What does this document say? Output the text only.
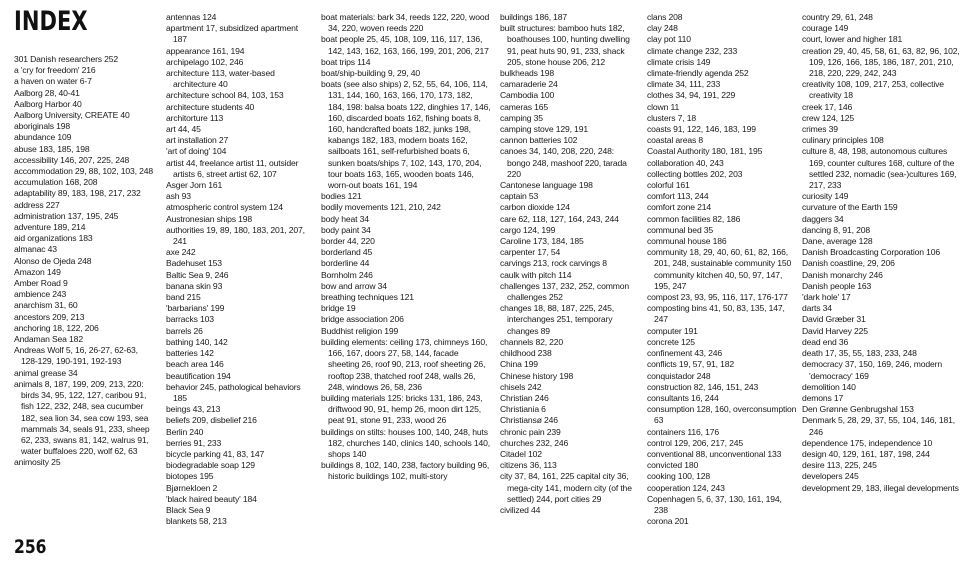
INDEX
301 Danish researchers 252
a 'cry for freedom' 216
a haven on water 6-7
Aalborg 28, 40-41
Aalborg Harbor 40
Aalborg University, CREATE 40
aboriginals 198
abundance 109
abuse 183, 185, 198
accessibility 146, 207, 225, 248
accommodation 29, 88, 102, 103, 248
accumulation 168, 208
adaptability 89, 183, 198, 217, 232
address 227
administration 137, 195, 245
adventure 189, 214
aid organizations 183
almanac 43
Alonso de Ojeda 248
Amazon 149
Amber Road 9
ambience 243
anarchism 31, 60
ancestors 209, 213
anchoring 18, 122, 206
Andaman Sea 182
Andreas Wolf 5, 16, 26-27, 62-63, 128-129, 190-191, 192-193
animal grease 34
animals 8, 187, 199, 209, 213, 220: birds 34, 95, 122, 127, caribou 91, fish 122, 232, 248, sea cucumber 182, sea lion 34, sea cow 193, sea mammals 34, seals 91, 233, sheep 62, 233, swans 81, 142, walrus 91, water buffaloes 220, wolf 62, 63
animosity 25
antennas 124
apartment 17, subsidized apartment 187
appearance 161, 194
archipelago 102, 246
architecture 113, water-based architecture 40
architecture school 84, 103, 153
architecture students 40
architorture 113
art 44, 45
art installation 27
'art of doing' 104
artist 44, freelance artist 11, outsider artists 6, street artist 62, 107
Asger Jorn 161
ash 93
atmospheric control system 124
Austronesian ships 198
authorities 19, 89, 180, 183, 201, 207, 241
axe 242
Badehuset 153
Baltic Sea 9, 246
banana skin 93
band 215
'barbarians' 199
barracks 103
barrels 26
bathing 140, 142
batteries 142
beach area 146
beautification 194
behavior 245, pathological behaviors 185
beings 43, 213
beliefs 209, disbelief 216
Berlin 240
berries 91, 233
bicycle parking 41, 83, 147
biodegradable soap 129
biotopes 195
Bjørnekloen 2
'black haired beauty' 184
Black Sea 9
blankets 58, 213
boat materials: bark 34, reeds 122, 220, wood 34, 220, woven reeds 220
boat people 25, 45, 108, 109, 116, 117, 136, 142, 143, 162, 163, 166, 199, 201, 206, 217
boat trips 114
boat/ship-building 9, 29, 40
boats (see also ships) 2, 52, 55, 64, 106, 114, 131, 144, 160, 163, 166, 170, 173, 182, 184, 198: balsa boats 122, dinghies 17, 146, 160, discarded boats 162, fishing boats 8, 160, handcrafted boats 182, junks 198, kabangs 182, 183, modern boats 162, sailboats 161, self-refurbished boats 6, sunken boats/ships 7, 102, 143, 170, 204, tour boats 163, 165, wooden boats 146, worn-out boats 161, 194
bodies 121
bodily movements 121, 210, 242
body heat 34
body paint 34
border 44, 220
borderland 45
borderline 44
Bornholm 246
bow and arrow 34
breathing techniques 121
bridge 19
bridge association 206
Buddhist religion 199
building elements: ceiling 173, chimneys 160, 166, 167, doors 27, 58, 144, facade sheeting 26, roof 90, 213, roof sheeting 26, rooftop 238, thatched roof 248, walls 26, 248, windows 26, 58, 236
building materials 125: bricks 131, 186, 243, driftwood 90, 91, hemp 26, moon dirt 125, peat 91, stone 91, 233, wood 26
buildings on stilts: houses 100, 140, 248, huts 182, churches 140, clinics 140, schools 140, shops 140
buildings 8, 102, 140, 238, factory building 96, historic buildings 102, multi-story
buildings 186, 187
built structures: bamboo huts 182, boathouses 100, hunting dwelling 91, peat huts 90, 91, 233, shack 205, stone house 206, 212
bulkheads 198
camaraderie 24
Cambodia 100
cameras 165
camping 35
camping stove 129, 191
cannon batteries 102
canoes 34, 140, 208, 220, 248: bongo 248, mashoof 220, tarada 220
Cantonese language 198
captain 53
carbon dioxide 124
care 62, 118, 127, 164, 243, 244
cargo 124, 199
Caroline 173, 184, 185
carpenter 17, 54
carvings 213, rock carvings 8
caulk with pitch 114
challenges 137, 232, 252, common challenges 252
changes 18, 88, 187, 225, 245, interchanges 251, temporary changes 89
channels 82, 220
childhood 238
China 199
Chinese history 198
chisels 242
Christian 246
Christiania 6
Christiansø 246
chronic pain 239
churches 232, 246
Citadel 102
citizens 36, 113
city 37, 84, 161, 225 capital city 36, mega-city 141, modern city (of the settled) 244, port cities 29
civilized 44
clans 208
clay 248
clay pot 110
climate change 232, 233
climate crisis 149
climate-friendly agenda 252
climate 34, 111, 233
clothes 34, 94, 191, 229
clown 11
clusters 7, 18
coasts 91, 122, 146, 183, 199
coastal areas 8
Coastal Authority 180, 181, 195
collaboration 40, 243
collecting bottles 202, 203
colorful 161
comfort 113, 244
comfort zone 214
common facilities 82, 186
communal bed 35
communal house 186
community 18, 29, 40, 60, 61, 82, 166, 201, 248, sustainable community 150 community kitchen 40, 50, 97, 147, 195, 247
compost 23, 93, 95, 116, 117, 176-177
composting bins 41, 50, 83, 135, 147, 247
computer 191
concrete 125
confinement 43, 246
conflicts 19, 57, 91, 182
conquistador 248
construction 82, 146, 151, 243
consultants 16, 244
consumption 128, 160, overconsumption 63
containers 116, 176
control 129, 206, 217, 245
conventional 88, unconventional 133
convicted 180
cooking 100, 128
cooperation 124, 243
Copenhagen 5, 6, 37, 130, 161, 194, 238
corona 201
country 29, 61, 248
courage 149
court, lower and higher 181
creation 29, 40, 45, 58, 61, 63, 82, 96, 102, 109, 126, 166, 185, 186, 187, 201, 210, 218, 220, 229, 242, 243
creativity 108, 109, 217, 253, collective creativity 18
creek 17, 146
crew 124, 125
crimes 39
culinary principles 108
culture 8, 48, 198, autonomous cultures 169, counter cultures 168, culture of the settled 232, nomadic (sea-)cultures 169, 217, 233
curiosity 149
curvature of the Earth 159
daggers 34
dancing 8, 91, 208
Dane, average 128
Danish Broadcasting Corporation 106
Danish coastline, 29, 206
Danish monarchy 246
Danish people 163
'dark hole' 17
darts 34
David Græber 31
David Harvey 225
dead end 36
death 17, 35, 55, 183, 233, 248
democracy 37, 150, 169, 246, modern 'democracy' 169
demolition 140
demons 17
Den Grønne Genbrugshal 153
Denmark 5, 28, 29, 37, 55, 104, 146, 181, 246
dependence 175, independence 10
design 40, 129, 161, 187, 198, 244
desire 113, 225, 245
developers 245
development 29, 183, illegal developments
256
